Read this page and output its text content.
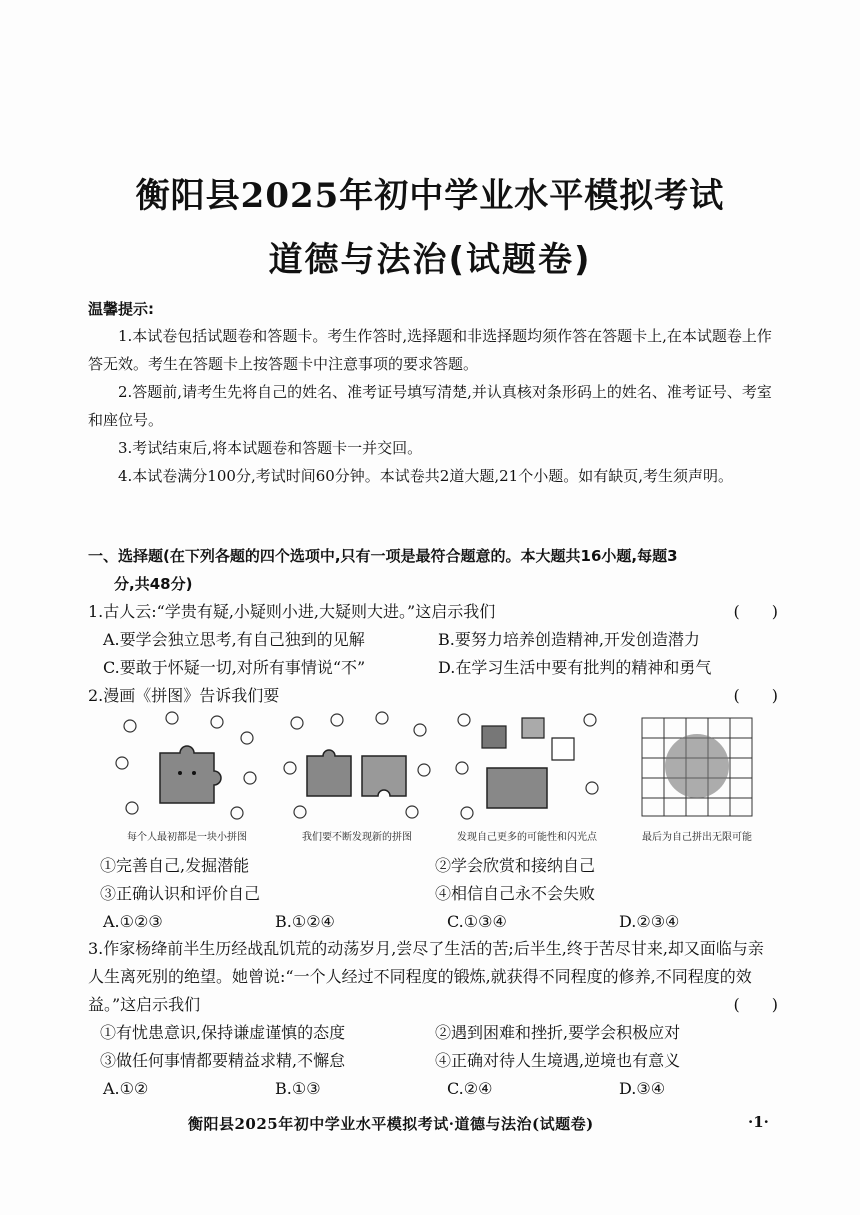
衡阳县2025年初中学业水平模拟考试
道德与法治(试题卷)
温馨提示:

1.本试卷包括试题卷和答题卡。考生作答时,选择题和非选择题均须作答在答题卡上,在本试题卷上作答无效。考生在答题卡上按答题卡中注意事项的要求答题。

2.答题前,请考生先将自己的姓名、准考证号填写清楚,并认真核对条形码上的姓名、准考证号、考室和座位号。

3.考试结束后,将本试题卷和答题卡一并交回。

4.本试卷满分100分,考试时间60分钟。本试卷共2道大题,21个小题。如有缺页,考生须声明。

一、选择题(在下列各题的四个选项中,只有一项是最符合题意的。本大题共16小题,每题3
分,共48分)
1.古人云:“学贵有疑,小疑则小进,大疑则大进。”这启示我们	(　　)
A.要学会独立思考,有自己独到的见解	B.要努力培养创造精神,开发创造潜力
C.要敢于怀疑一切,对所有事情说“不”	D.在学习生活中要有批判的精神和勇气
2.漫画《拼图》告诉我们要	(　　)
每个人最初都是一块小拼图	我们要不断发现新的拼图	发现自己更多的可能性和闪光点	最后为自己拼出无限可能
①完善自己,发掘潜能	②学会欣赏和接纳自己
③正确认识和评价自己	④相信自己永不会失败
A.①②③	B.①②④	C.①③④	D.②③④
3.作家杨绛前半生历经战乱饥荒的动荡岁月,尝尽了生活的苦;后半生,终于苦尽甘来,却又面临与亲人生离死别的绝望。她曾说:“一个人经过不同程度的锻炼,就获得不同程度的修养,不同程度的效益。”这启示我们	(　　)
①有忧患意识,保持谦虚谨慎的态度	②遇到困难和挫折,要学会积极应对
③做任何事情都要精益求精,不懈怠	④正确对待人生境遇,逆境也有意义
A.①②	B.①③	C.②④	D.③④
衡阳县2025年初中学业水平模拟考试·道德与法治(试题卷)	·1·
